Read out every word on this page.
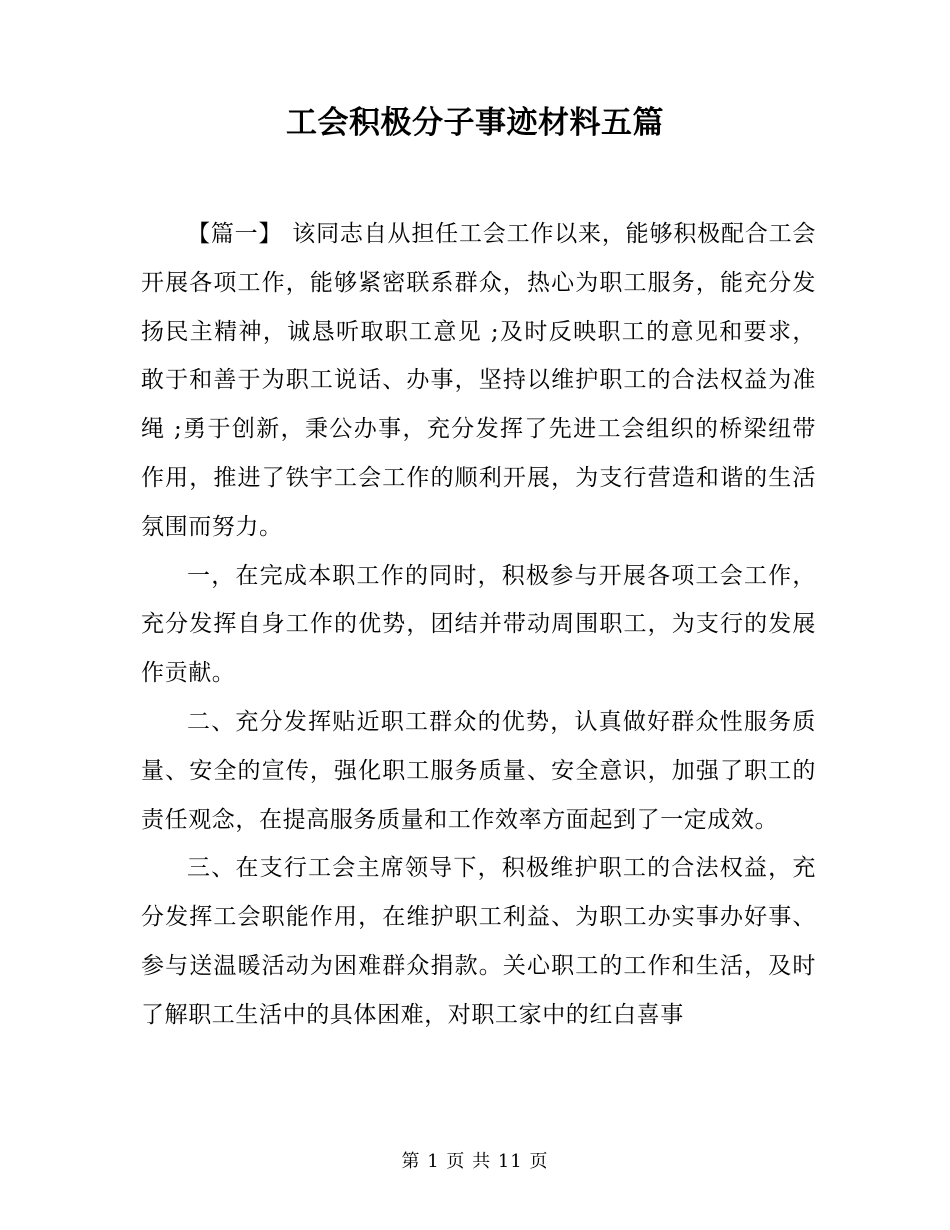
工会积极分子事迹材料五篇

【篇一】 该同志自从担任工会工作以来，能够积极配合工会开展各项工作，能够紧密联系群众，热心为职工服务，能充分发扬民主精神，诚恳听取职工意见 ;及时反映职工的意见和要求，敢于和善于为职工说话、办事，坚持以维护职工的合法权益为准绳 ;勇于创新，秉公办事，充分发挥了先进工会组织的桥梁纽带作用，推进了铁宇工会工作的顺利开展，为支行营造和谐的生活氛围而努力。

一，在完成本职工作的同时，积极参与开展各项工会工作，充分发挥自身工作的优势，团结并带动周围职工，为支行的发展作贡献。

二、充分发挥贴近职工群众的优势，认真做好群众性服务质量、安全的宣传，强化职工服务质量、安全意识，加强了职工的责任观念，在提高服务质量和工作效率方面起到了一定成效。

三、在支行工会主席领导下，积极维护职工的合法权益，充分发挥工会职能作用，在维护职工利益、为职工办实事办好事、参与送温暖活动为困难群众捐款。关心职工的工作和生活，及时了解职工生活中的具体困难，对职工家中的红白喜事

第 1 页 共 11 页
